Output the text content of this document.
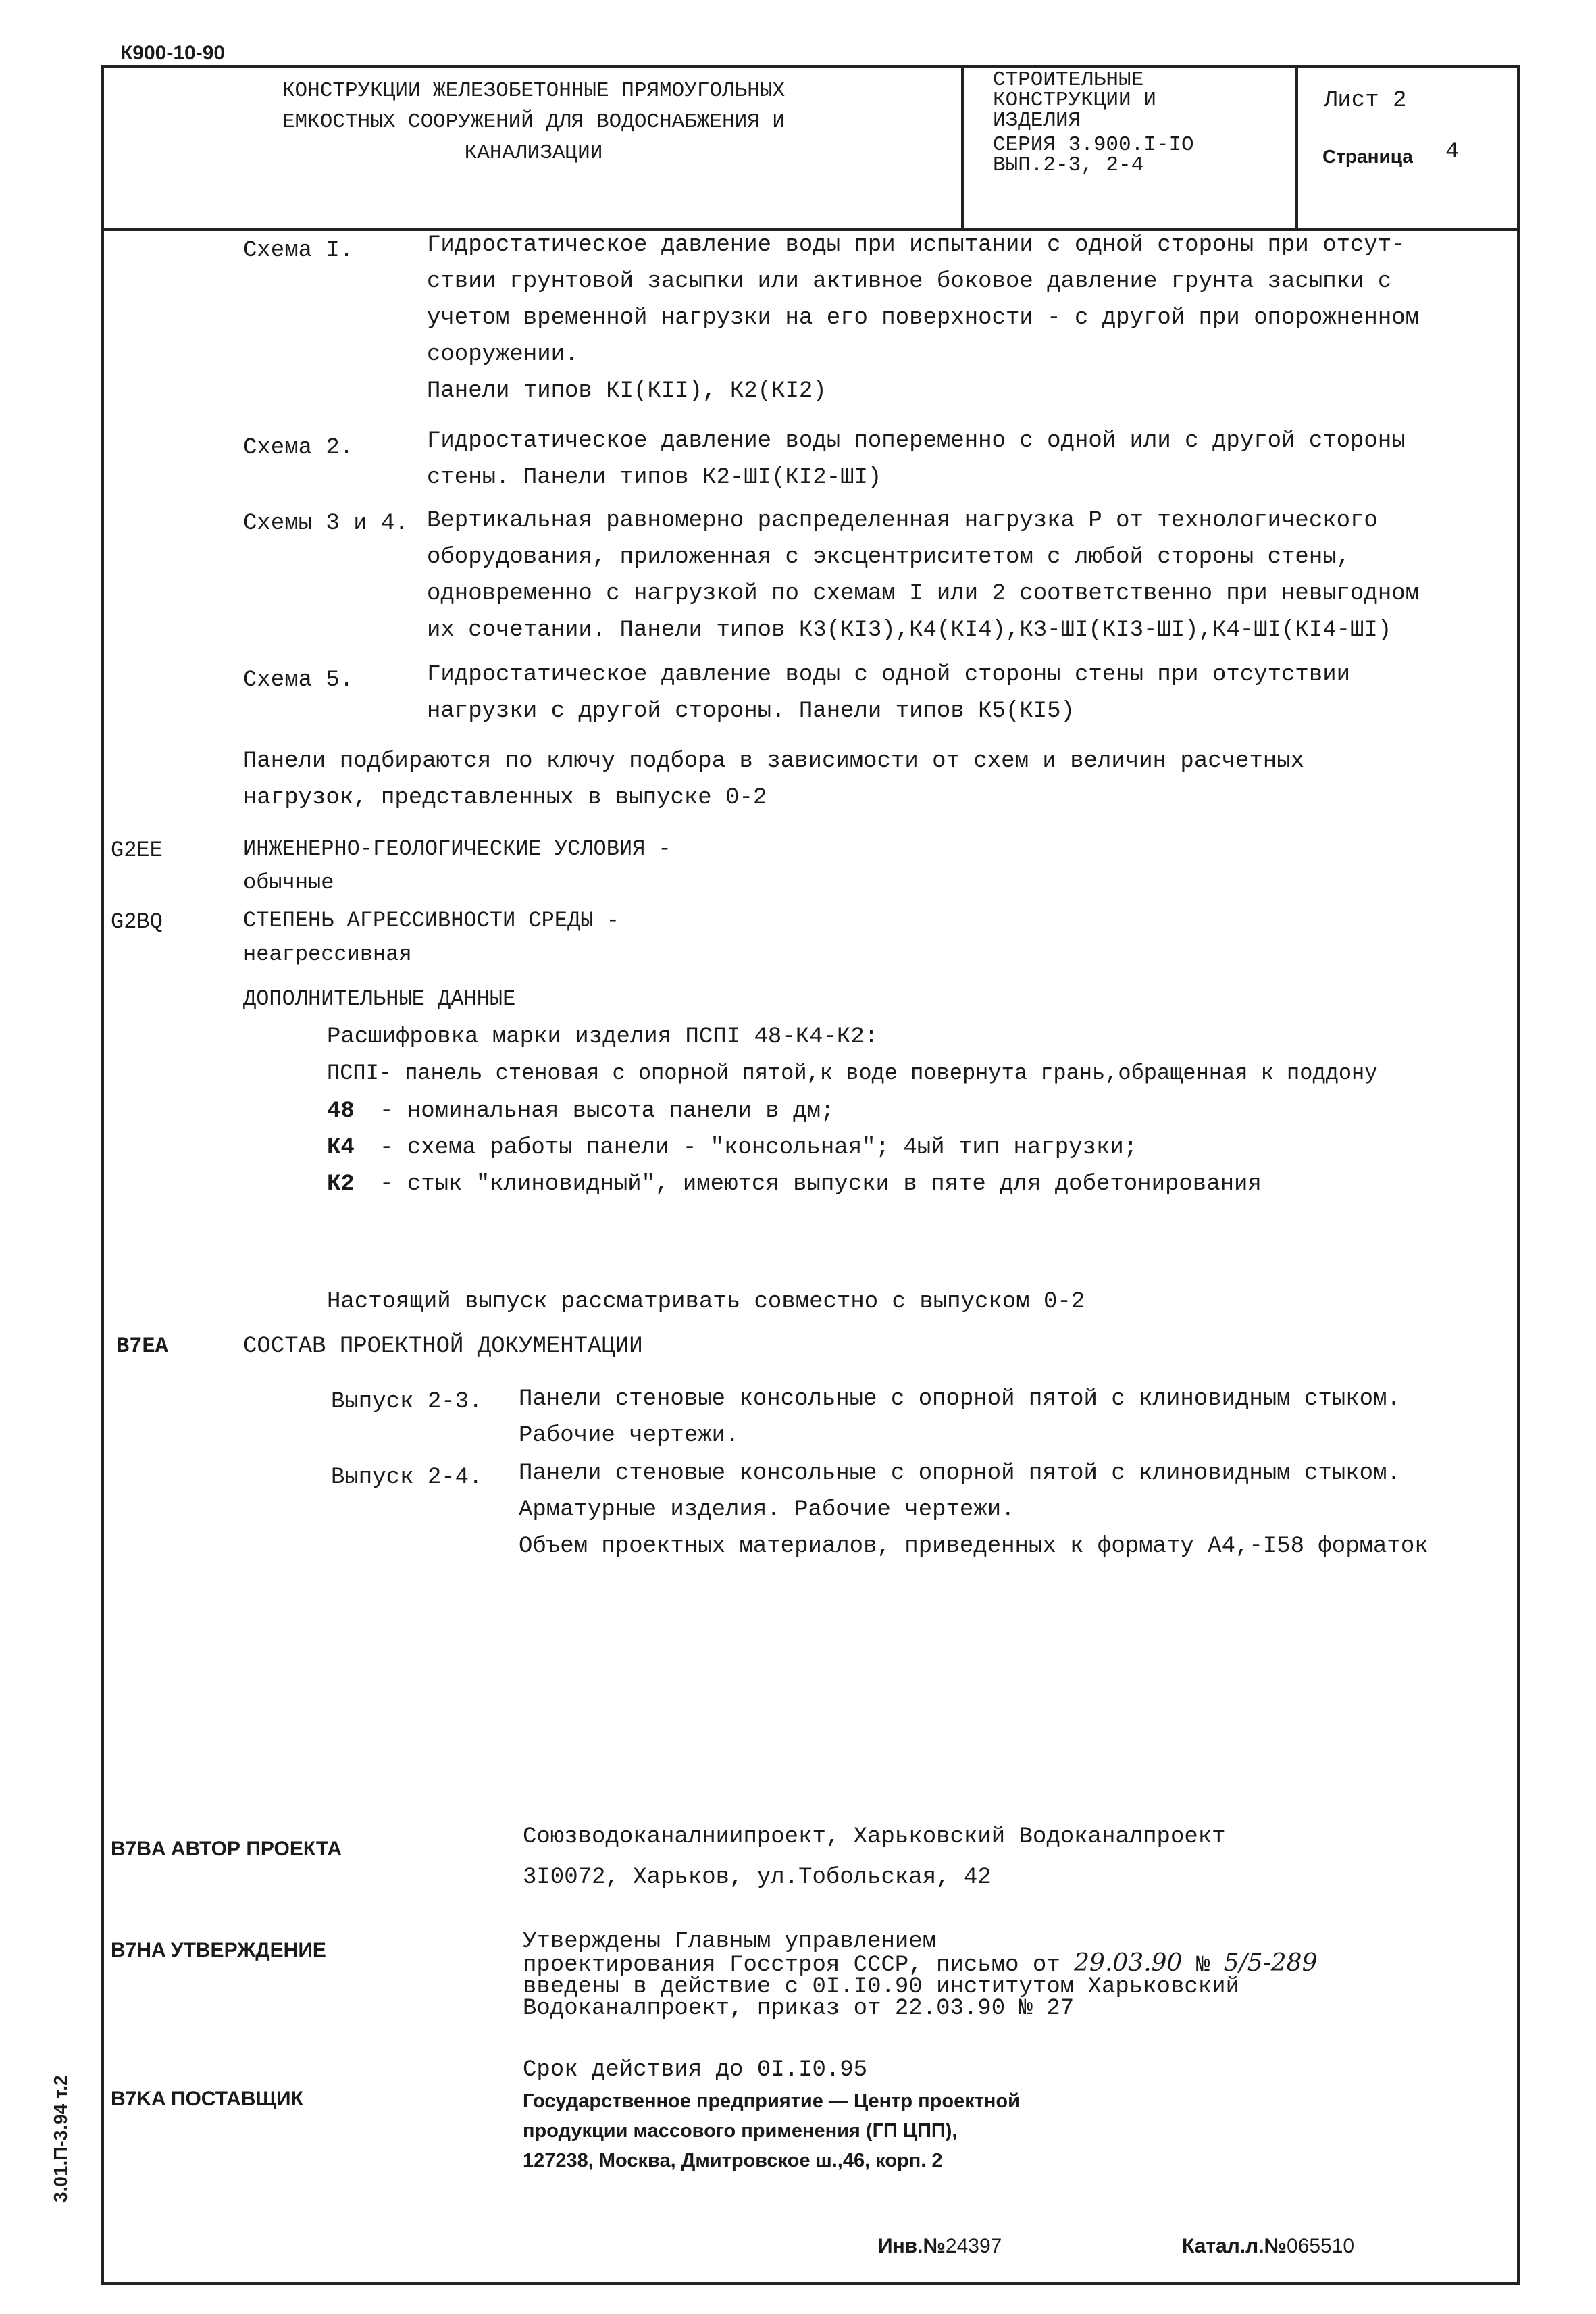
К900-10-90
КОНСТРУКЦИИ ЖЕЛЕЗОБЕТОННЫЕ ПРЯМОУГОЛЬНЫХ
ЕМКОСТНЫХ СООРУЖЕНИЙ ДЛЯ ВОДОСНАБЖЕНИЯ И
КАНАЛИЗАЦИИ
СТРОИТЕЛЬНЫЕ
КОНСТРУКЦИИ И
ИЗДЕЛИЯ
СЕРИЯ 3.900.I-IO
ВЫП.2-3, 2-4
Лист 2
Страница 4
Схема I.	Гидростатическое давление воды при испытании с одной стороны при отсут-
ствии грунтовой засыпки или активное боковое давление грунта засыпки с
учетом временной нагрузки на его поверхности - с другой при опорожненном
сооружении.
Панели типов КI(КII), К2(КI2)
Схема 2.	Гидростатическое давление воды попеременно с одной или с другой стороны
стены. Панели типов К2-ШI(КI2-ШI)
Схемы 3 и 4. Вертикальная равномерно распределенная нагрузка Р от технологического
оборудования, приложенная с эксцентриситетом с любой стороны стены,
одновременно с нагрузкой по схемам I или 2 соответственно при невыгодном
их сочетании. Панели типов К3(КI3),К4(КI4),К3-ШI(КI3-ШI),К4-ШI(КI4-ШI)
Схема 5.	Гидростатическое давление воды с одной стороны стены при отсутствии
нагрузки с другой стороны. Панели типов К5(КI5)
Панели подбираются по ключу подбора в зависимости от схем и величин расчетных
нагрузок, представленных в выпуске 0-2
G2EE	ИНЖЕНЕРНО-ГЕОЛОГИЧЕСКИЕ УСЛОВИЯ -
обычные
G2BQ	СТЕПЕНЬ АГРЕССИВНОСТИ СРЕДЫ -
неагрессивная
ДОПОЛНИТЕЛЬНЫЕ ДАННЫЕ
Расшифровка марки изделия ПСПI 48-К4-К2:
ПСПI- панель стеновая с опорной пятой,к воде повернута грань,обращенная к поддону
48 - номинальная высота панели в дм;
К4 - схема работы панели - "консольная"; 4ый тип нагрузки;
К2 - стык "клиновидный", имеются выпуски в пяте для добетонирования
Настоящий выпуск рассматривать совместно с выпуском 0-2
B7EA	СОСТАВ ПРОЕКТНОЙ ДОКУМЕНТАЦИИ
Выпуск 2-3. Панели стеновые консольные с опорной пятой с клиновидным стыком.
Рабочие чертежи.
Выпуск 2-4. Панели стеновые консольные с опорной пятой с клиновидным стыком.
Арматурные изделия. Рабочие чертежи.
Объем проектных материалов, приведенных к формату А4,-I58 форматок
B7BA АВТОР ПРОЕКТА	Союзводоканалниипроект, Харьковский Водоканалпроект
3I0072, Харьков, ул.Тобольская, 42
B7HA УТВЕРЖДЕНИЕ	Утверждены Главным управлением
проектирования Госстроя СССР, письмо от 29.03.90 № 5/5-289
введены в действие с 0I.I0.90 институтом Харьковский
Водоканалпроект, приказ от 22.03.90 № 27
B7KA ПОСТАВЩИК
Срок действия до 0I.I0.95
Государственное предприятие — Центр проектной
продукции массового применения (ГП ЦПП),
127238, Москва, Дмитровское ш.,46, корп. 2
Инв.№24397	Катал.л.№065510
3.01.П-3.94 т.2
